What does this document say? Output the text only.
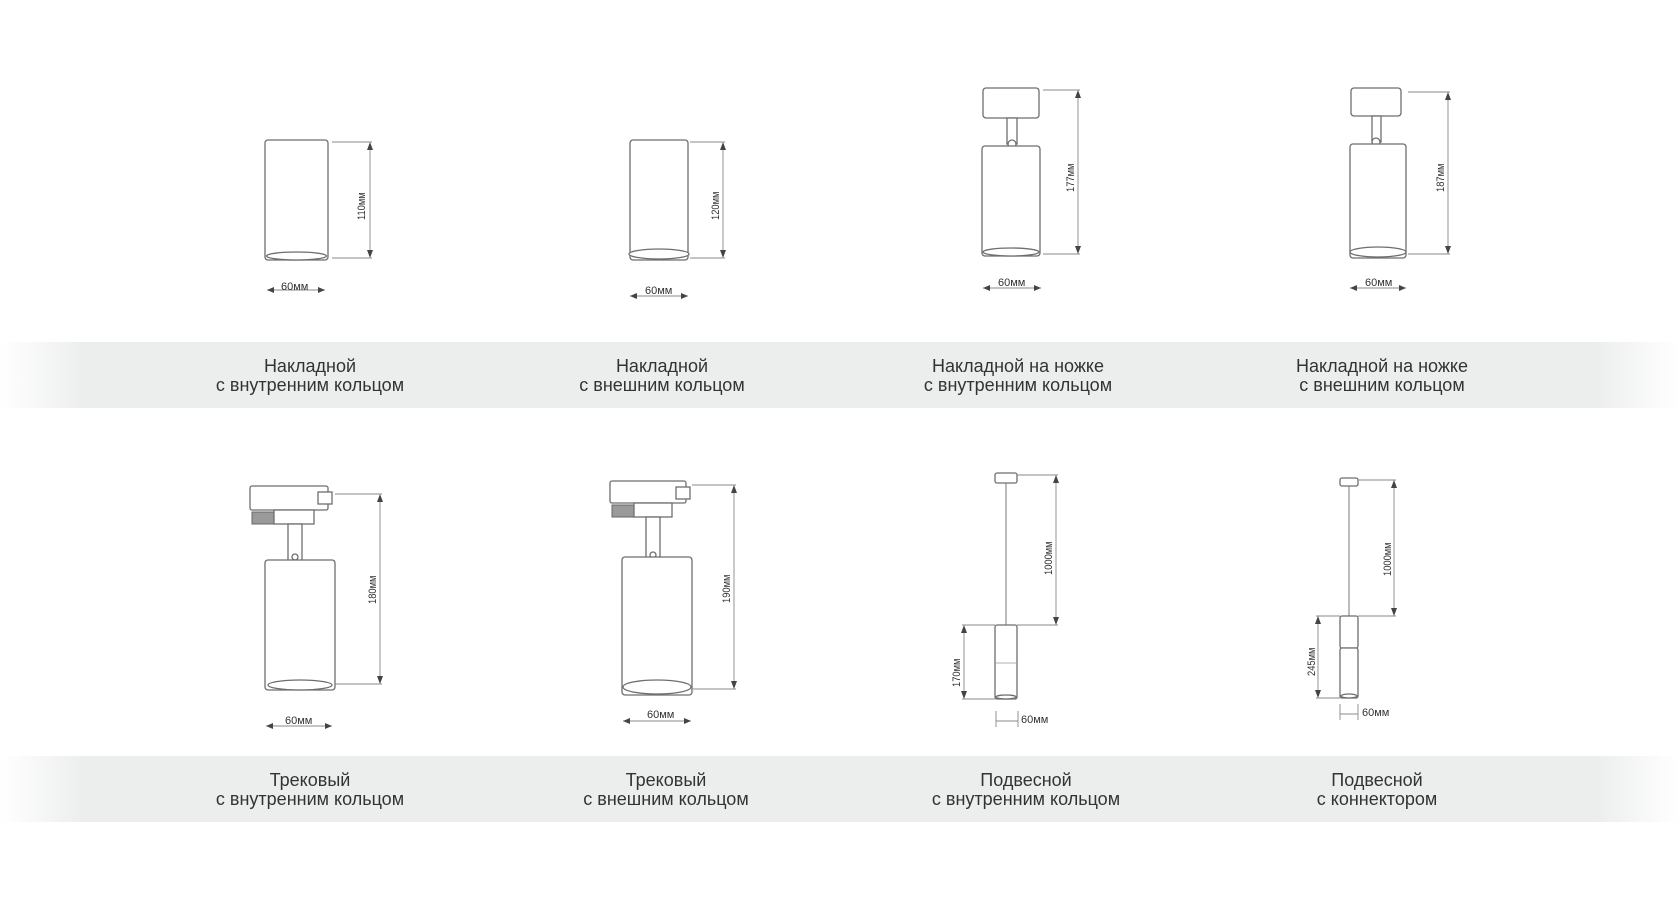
110мм
60мм
120мм
60мм
177мм
60мм
187мм
60мм
Накладной
с внутренним кольцом
Накладной
с внешним кольцом
Накладной на ножке
с внутренним кольцом
Накладной на ножке
с внешним кольцом
180мм
60мм
190мм
60мм
1000мм
170мм
60мм
1000мм
245мм
60мм
Трековый
с внутренним кольцом
Трековый
с внешним кольцом
Подвесной
с внутренним кольцом
Подвесной
с коннектором
